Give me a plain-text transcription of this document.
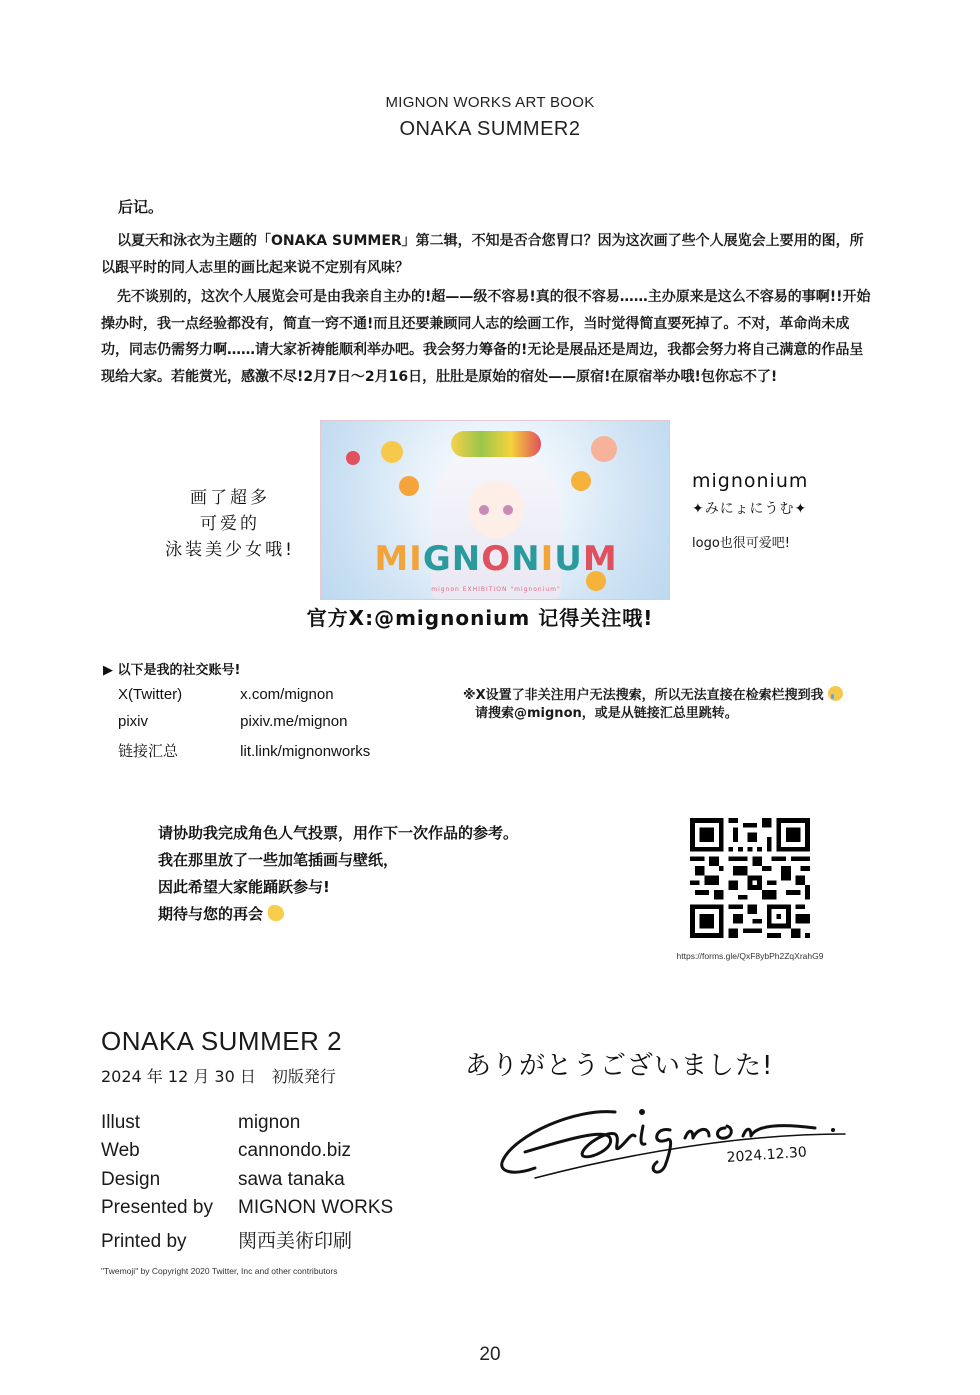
MIGNON WORKS ART BOOK
ONAKA SUMMER2
后记。

以夏天和泳衣为主题的「ONAKA SUMMER」第二辑，不知是否合您胃口？因为这次画了些个人展览会上要用的图，所以跟平时的同人志里的画比起来说不定别有风味？

先不谈别的，这次个人展览会可是由我亲自主办的!超——级不容易!真的很不容易……主办原来是这么不容易的事啊!!开始操办时，我一点经验都没有，简直一窍不通!而且还要兼顾同人志的绘画工作，当时觉得简直要死掉了。不对，革命尚未成功，同志仍需努力啊……请大家祈祷能顺利举办吧。我会努力筹备的!无论是展品还是周边，我都会努力将自己满意的作品呈现给大家。若能赏光，感激不尽!2月7日～2月16日，肚肚是原始的宿处——原宿!在原宿举办哦!包你忘不了!

画了超多
可爱的
泳装美少女哦!	MIGNONIUM
mignon EXHIBITION "mignonium"
mignonium
✦みにょにうむ✦
logo也很可爱吧!
官方X:@mignonium 记得关注哦!
▶ 以下是我的社交账号!
X(Twitter)	x.com/mignon
pixiv	pixiv.me/mignon
链接汇总	lit.link/mignonworks
※X设置了非关注用户无法搜索，所以无法直接在检索栏搜到我
请搜索@mignon，或是从链接汇总里跳转。
请协助我完成角色人气投票，用作下一次作品的参考。
我在那里放了一些加笔插画与壁纸，
因此希望大家能踊跃参与!
期待与您的再会
https://forms.gle/QxF8ybPh2ZqXrahG9
ONAKA SUMMER 2
2024 年 12 月 30 日　初版発行
Illust	mignon
Web	cannondo.biz
Design	sawa tanaka
Presented by MIGNON WORKS
Printed by	関西美術印刷
"Twemoji" by Copyright 2020 Twitter, Inc and other contributors
ありがとうございました!
2024.12.30
20
